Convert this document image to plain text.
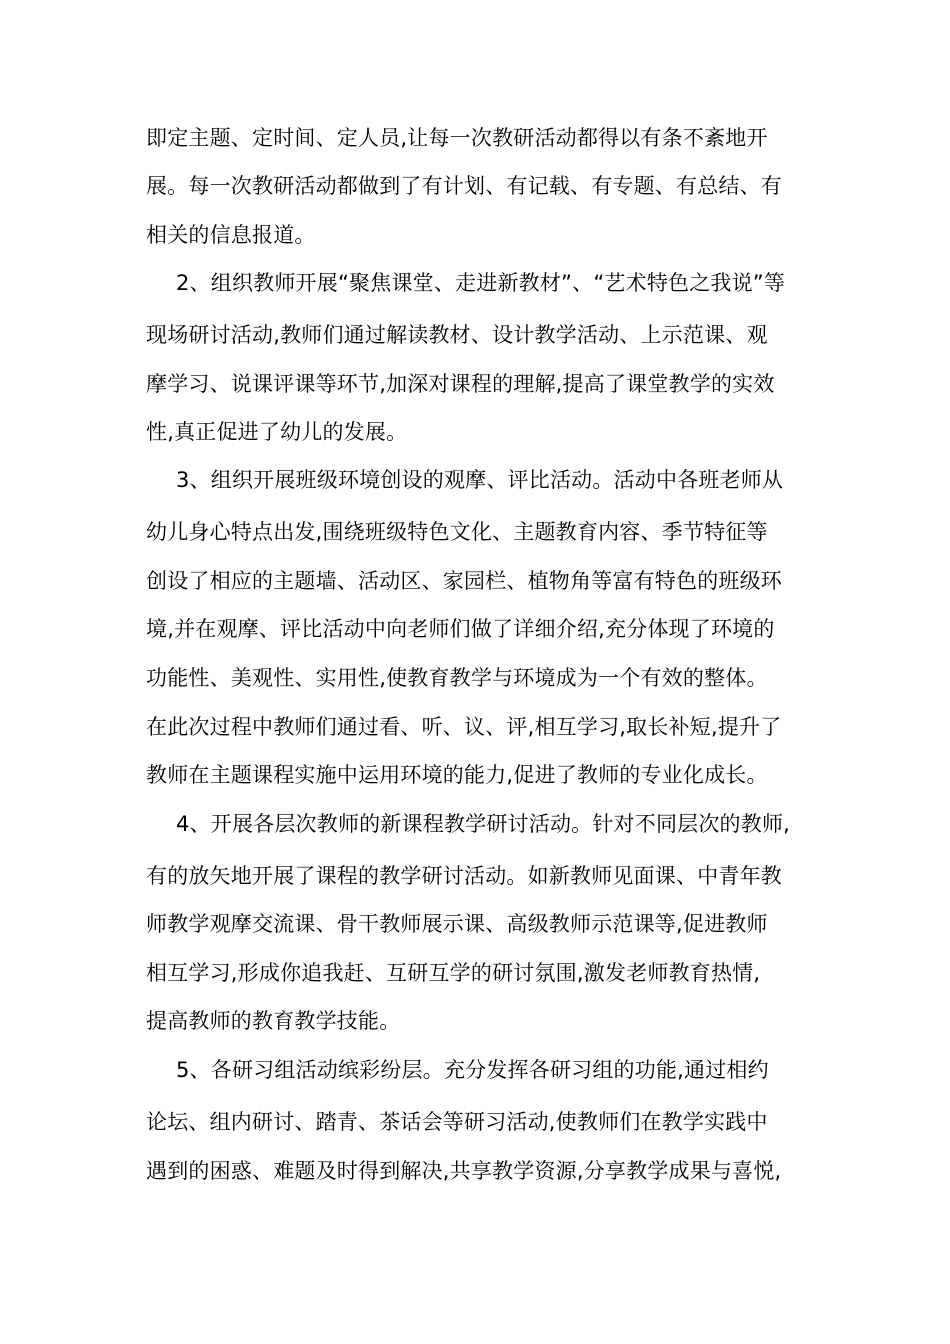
即定主题、定时间、定人员,让每一次教研活动都得以有条不紊地开
展。每一次教研活动都做到了有计划、有记载、有专题、有总结、有
相关的信息报道。
2、组织教师开展“聚焦课堂、走进新教材”、“艺术特色之我说”等
现场研讨活动,教师们通过解读教材、设计教学活动、上示范课、观
摩学习、说课评课等环节,加深对课程的理解,提高了课堂教学的实效
性,真正促进了幼儿的发展。
3、组织开展班级环境创设的观摩、评比活动。活动中各班老师从
幼儿身心特点出发,围绕班级特色文化、主题教育内容、季节特征等
创设了相应的主题墙、活动区、家园栏、植物角等富有特色的班级环
境,并在观摩、评比活动中向老师们做了详细介绍,充分体现了环境的
功能性、美观性、实用性,使教育教学与环境成为一个有效的整体。
在此次过程中教师们通过看、听、议、评,相互学习,取长补短,提升了
教师在主题课程实施中运用环境的能力,促进了教师的专业化成长。
4、开展各层次教师的新课程教学研讨活动。针对不同层次的教师,
有的放矢地开展了课程的教学研讨活动。如新教师见面课、中青年教
师教学观摩交流课、骨干教师展示课、高级教师示范课等,促进教师
相互学习,形成你追我赶、互研互学的研讨氛围,激发老师教育热情,
提高教师的教育教学技能。
5、各研习组活动缤彩纷层。充分发挥各研习组的功能,通过相约
论坛、组内研讨、踏青、茶话会等研习活动,使教师们在教学实践中
遇到的困惑、难题及时得到解决,共享教学资源,分享教学成果与喜悦,
